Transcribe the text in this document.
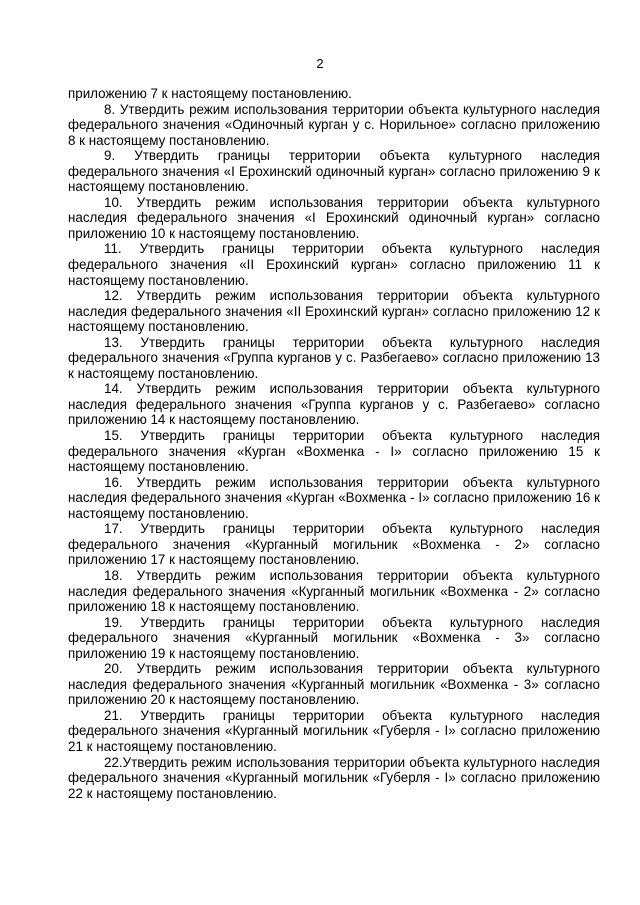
2

приложению 7 к настоящему постановлению.

8. Утвердить режим использования территории объекта культурного наследия федерального значения «Одиночный курган у с. Норильное» согласно приложению 8 к настоящему постановлению.

9. Утвердить границы территории объекта культурного наследия федерального значения «I Ерохинский одиночный курган» согласно приложению 9 к настоящему постановлению.

10. Утвердить режим использования территории объекта культурного наследия федерального значения «I Ерохинский одиночный курган» согласно приложению 10 к настоящему постановлению.

11. Утвердить границы территории объекта культурного наследия федерального значения «II Ерохинский курган» согласно приложению 11 к настоящему постановлению.

12. Утвердить режим использования территории объекта культурного наследия федерального значения «II Ерохинский курган» согласно приложению 12 к настоящему постановлению.

13. Утвердить границы территории объекта культурного наследия федерального значения «Группа курганов у с. Разбегаево» согласно приложению 13 к настоящему постановлению.

14. Утвердить режим использования территории объекта культурного наследия федерального значения «Группа курганов у с. Разбегаево» согласно приложению 14 к настоящему постановлению.

15. Утвердить границы территории объекта культурного наследия федерального значения «Курган «Вохменка - I» согласно приложению 15 к настоящему постановлению.

16. Утвердить режим использования территории объекта культурного наследия федерального значения «Курган «Вохменка - I» согласно приложению 16 к настоящему постановлению.

17. Утвердить границы территории объекта культурного наследия федерального значения «Курганный могильник «Вохменка - 2» согласно приложению 17 к настоящему постановлению.

18. Утвердить режим использования территории объекта культурного наследия федерального значения «Курганный могильник «Вохменка - 2» согласно приложению 18 к настоящему постановлению.

19. Утвердить границы территории объекта культурного наследия федерального значения «Курганный могильник «Вохменка - 3» согласно приложению 19 к настоящему постановлению.

20. Утвердить режим использования территории объекта культурного наследия федерального значения «Курганный могильник «Вохменка - 3» согласно приложению 20 к настоящему постановлению.

21. Утвердить границы территории объекта культурного наследия федерального значения «Курганный могильник «Губерля - I» согласно приложению 21 к настоящему постановлению.

22.Утвердить режим использования территории объекта культурного наследия федерального значения «Курганный могильник «Губерля - I» согласно приложению 22 к настоящему постановлению.
